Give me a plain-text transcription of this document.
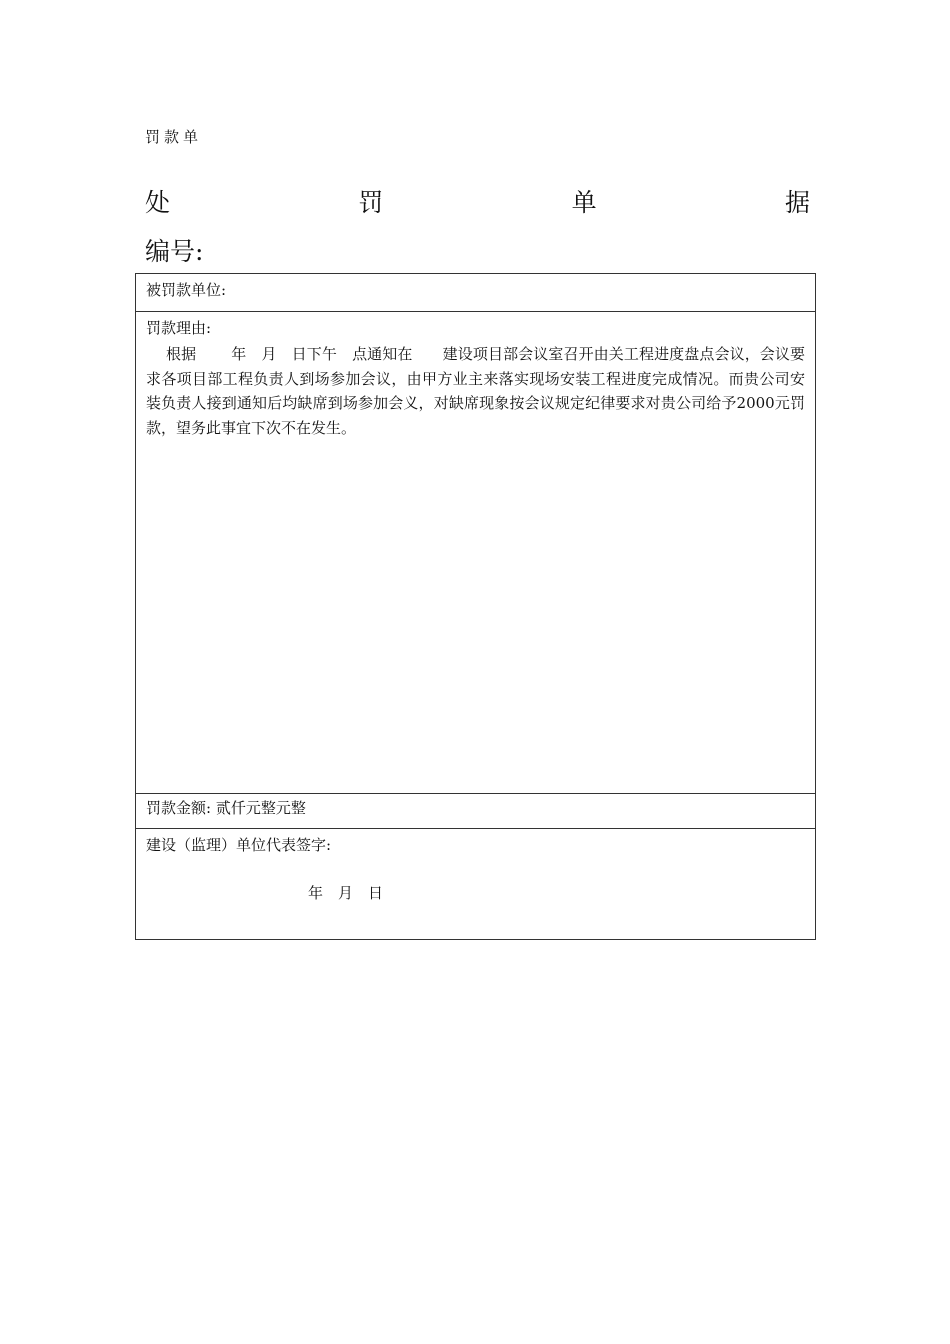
罚款单
处	罚	单	据
编号:
被罚款单位:
罚款理由:
根据　　 年　月　日下午　点通知在　　建设项目部会议室召开由关工程进度盘点会议，会议要求各项目部工程负责人到场参加会议，由甲方业主来落实现场安装工程进度完成情况。而贵公司安装负责人接到通知后均缺席到场参加会义，对缺席现象按会议规定纪律要求对贵公司给予2000元罚款，望务此事宜下次不在发生。
罚款金额: 贰仟元整元整
建设（监理）单位代表签字:
年　月　日
